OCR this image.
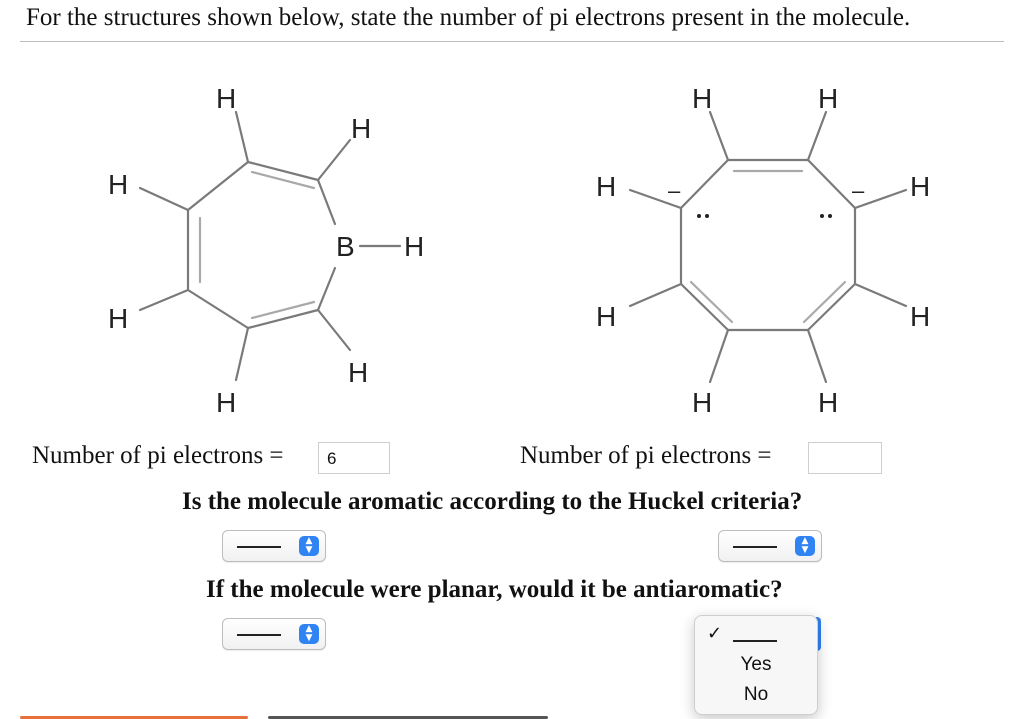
For the structures shown below, state the number of pi electrons present in the molecule.
H
H
H
B H
H
H
H
–	–
H	H
H	H
H	H
H	H
Number of pi electrons =	6	Number of pi electrons =
Is the molecule aromatic according to the Huckel criteria?
▲
▼
▲
▼
If the molecule were planar, would it be antiaromatic?
▲
▼	✓
Yes
No
